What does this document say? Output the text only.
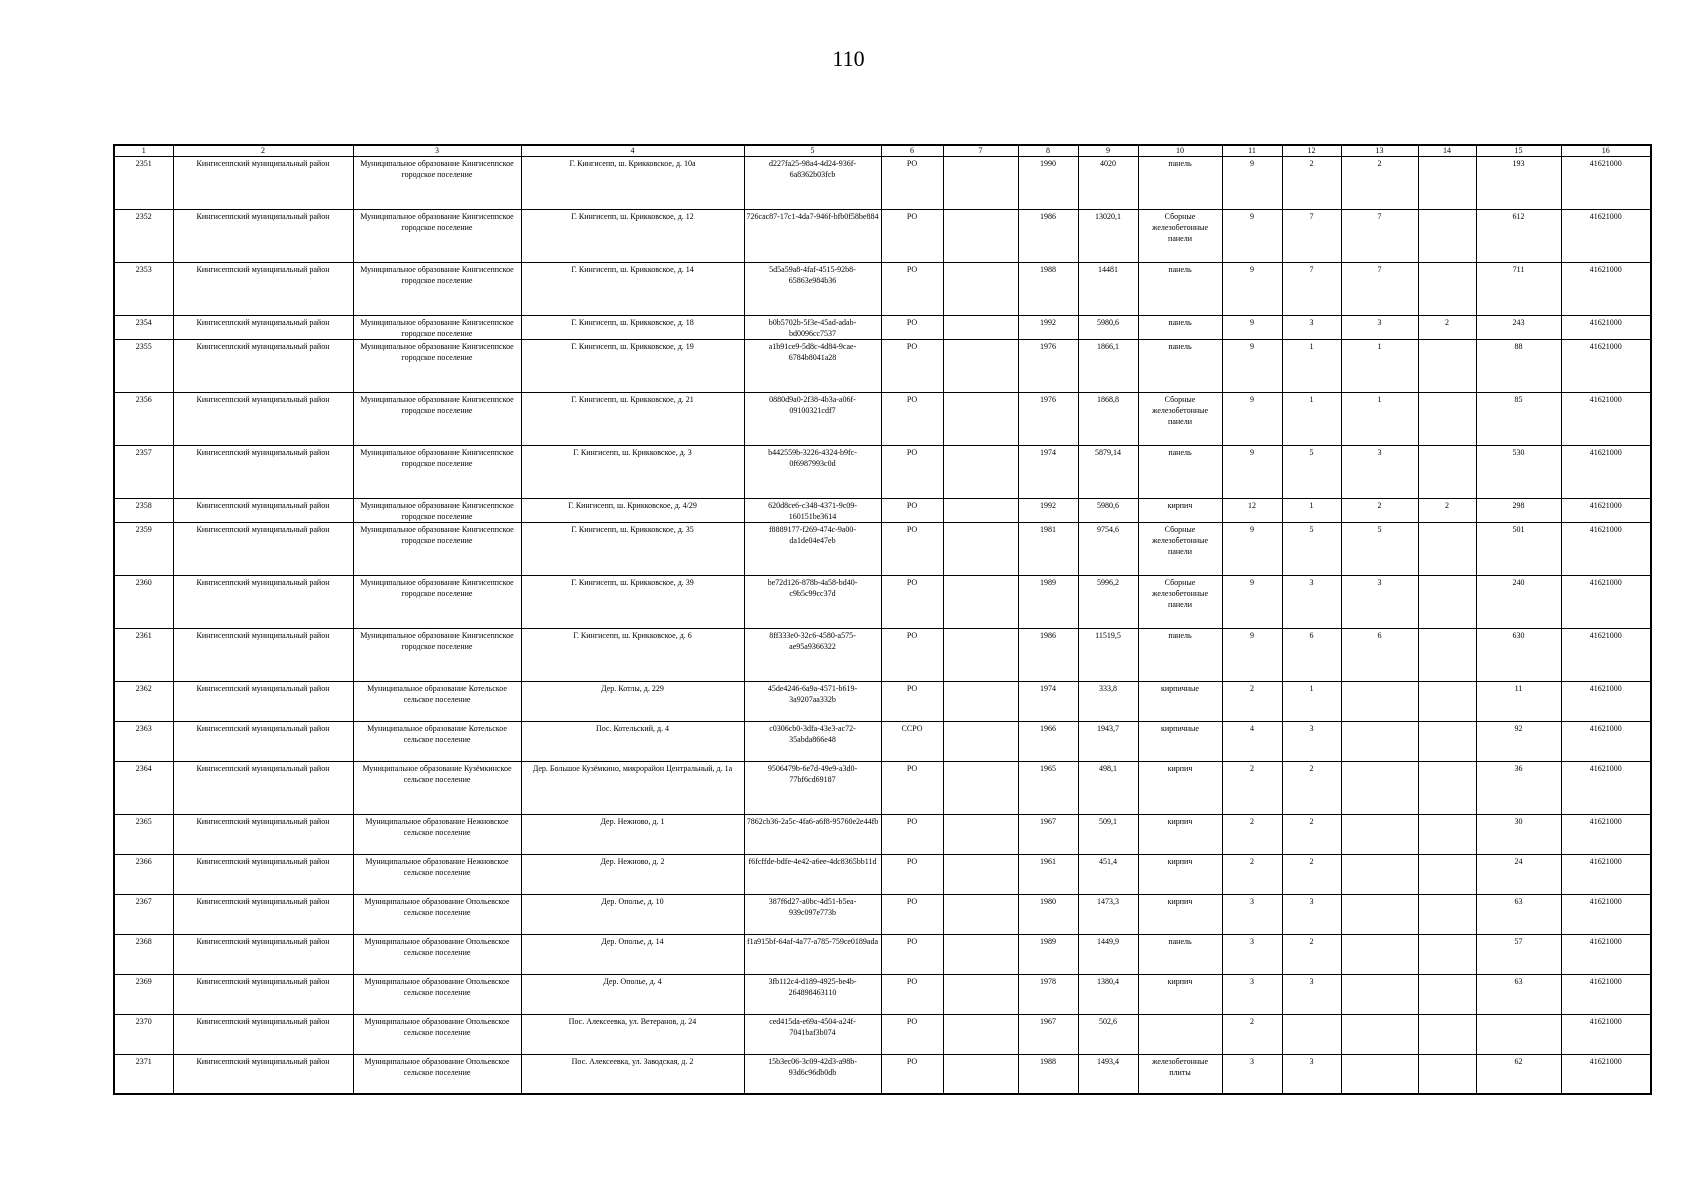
110
1	2	3	4	5	6	7	8	9	10	11	12	13	14	15	16
2351	Кингисеппский муниципальный район	Муниципальное образование Кингисеппское городское поселение	Г. Кингисепп, ш. Крикковское, д. 10а	d227fa25-98a4-4d24-936f-6a8362b03fcb	РО		1990	4020	панель	9	2	2		193	41621000
2352	Кингисеппский муниципальный район	Муниципальное образование Кингисеппское городское поселение	Г. Кингисепп, ш. Крикковское, д. 12	726cac87-17c1-4da7-946f-bfb0f58be884	РО		1986	13020,1	Сборные железобетонные панели	9	7	7		612	41621000
2353	Кингисеппский муниципальный район	Муниципальное образование Кингисеппское городское поселение	Г. Кингисепп, ш. Крикковское, д. 14	5d5a59a8-4faf-4515-92b8-65863e984b36	РО		1988	14481	панель	9	7	7		711	41621000
2354	Кингисеппский муниципальный район	Муниципальное образование Кингисеппское городское поселение	Г. Кингисепп, ш. Крикковское, д. 18	b0b5702b-5f3e-45ad-adab-bd0096cc7537	РО		1992	5980,6	панель	9	3	3	2	243	41621000
2355	Кингисеппский муниципальный район	Муниципальное образование Кингисеппское городское поселение	Г. Кингисепп, ш. Крикковское, д. 19	a1b91ce9-5d8c-4d84-9cae-6784b8041a28	РО		1976	1866,1	панель	9	1	1		88	41621000
2356	Кингисеппский муниципальный район	Муниципальное образование Кингисеппское городское поселение	Г. Кингисепп, ш. Крикковское, д. 21	0880d9a0-2f38-4b3a-a06f-09100321cdf7	РО		1976	1868,8	Сборные железобетонные панели	9	1	1		85	41621000
2357	Кингисеппский муниципальный район	Муниципальное образование Кингисеппское городское поселение	Г. Кингисепп, ш. Крикковское, д. 3	b442559b-3226-4324-b9fc-0f6987993c0d	РО		1974	5879,14	панель	9	5	3		530	41621000
2358	Кингисеппский муниципальный район	Муниципальное образование Кингисеппское городское поселение	Г. Кингисепп, ш. Крикковское, д. 4/29	620d8ce6-c348-4371-9c09-160151be3614	РО		1992	5980,6	кирпич	12	1	2	2	298	41621000
2359	Кингисеппский муниципальный район	Муниципальное образование Кингисеппское городское поселение	Г. Кингисепп, ш. Крикковское, д. 35	f8889177-f269-474c-9a00-da1de04e47eb	РО		1981	9754,6	Сборные железобетонные панели	9	5	5		501	41621000
2360	Кингисеппский муниципальный район	Муниципальное образование Кингисеппское городское поселение	Г. Кингисепп, ш. Крикковское, д. 39	be72d126-878b-4a58-bd40-c9b5c99cc37d	РО		1989	5996,2	Сборные железобетонные панели	9	3	3		240	41621000
2361	Кингисеппский муниципальный район	Муниципальное образование Кингисеппское городское поселение	Г. Кингисепп, ш. Крикковское, д. 6	8ff333e0-32c6-4580-a575-ae95a9366322	РО		1986	11519,5	панель	9	6	6		630	41621000
2362	Кингисеппский муниципальный район	Муниципальное образование Котельское сельское поселение	Дер. Котлы, д. 229	45de4246-6a9a-4571-b619-3a9207aa332b	РО		1974	333,8	кирпичные	2	1			11	41621000
2363	Кингисеппский муниципальный район	Муниципальное образование Котельское сельское поселение	Пос. Котельский, д. 4	c0306cb0-3dfa-43e3-ac72-35abda866e48	СCРО		1966	1943,7	кирпичные	4	3			92	41621000
2364	Кингисеппский муниципальный район	Муниципальное образование Кузёмкинское сельское поселение	Дер. Большое Кузёмкино, микрорайон Центральный, д. 1а	9506479b-6e7d-49e9-a3d0-77bf6cd69187	РО		1965	498,1	кирпич	2	2			36	41621000
2365	Кингисеппский муниципальный район	Муниципальное образование Нежновское сельское поселение	Дер. Нежново, д. 1	7862cb36-2a5c-4fa6-a6f8-95760e2e44fb	РО		1967	509,1	кирпич	2	2			30	41621000
2366	Кингисеппский муниципальный район	Муниципальное образование Нежновское сельское поселение	Дер. Нежново, д. 2	f6fcffde-bdfe-4e42-a6ee-4dc8365bb11d	РО		1961	451,4	кирпич	2	2			24	41621000
2367	Кингисеппский муниципальный район	Муниципальное образование Опольевское сельское поселение	Дер. Ополье, д. 10	387f6d27-a0bc-4d51-b5ea-939c097e773b	РО		1980	1473,3	кирпич	3	3			63	41621000
2368	Кингисеппский муниципальный район	Муниципальное образование Опольевское сельское поселение	Дер. Ополье, д. 14	f1a915bf-64af-4a77-a785-759ce0189ada	РО		1989	1449,9	панель	3	2			57	41621000
2369	Кингисеппский муниципальный район	Муниципальное образование Опольевское сельское поселение	Дер. Ополье, д. 4	3fb112c4-d189-4925-be4b-264898463110	РО		1978	1380,4	кирпич	3	3			63	41621000
2370	Кингисеппский муниципальный район	Муниципальное образование Опольевское сельское поселение	Пос. Алексеевка, ул. Ветеранов, д. 24	ced415da-e69a-4504-a24f-7041baf3b074	РО		1967	502,6		2					41621000
2371	Кингисеппский муниципальный район	Муниципальное образование Опольевское сельское поселение	Пос. Алексеевка, ул. Заводская, д. 2	15b3ec06-3c09-42d3-a98b-93d6c96db0db	РО		1988	1493,4	железобетонные плиты	3	3			62	41621000
